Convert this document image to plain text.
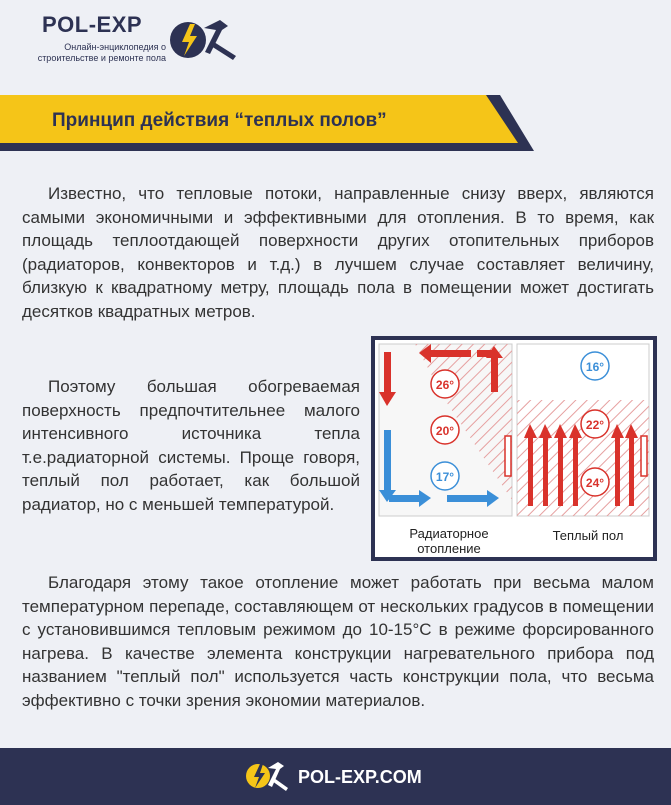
POL-EXP
Онлайн-энциклопедия о
строительстве и ремонте пола
Принцип действия “теплых полов”
Известно, что тепловые потоки, направленные снизу вверх, являются самыми экономичными и эффективными для отопления. В то время, как площадь теплоотдающей поверхности других отопительных приборов (радиаторов, конвекторов и т.д.) в лучшем случае составляет величину, близкую к квадратному метру, площадь пола в помещении может достигать десятков квадратных метров.
Поэтому большая обогреваемая поверхность предпочтительнее малого интенсивного источника тепла т.е.радиаторной системы. Проще говоря, теплый пол работает, как большой радиатор, но с меньшей температурой.
Благодаря этому такое отопление может работать при весьма малом температурном перепаде, составляющем от нескольких градусов в помещении с установившимся тепловым режимом до 10-15°C в режиме форсированного нагрева. В качестве элемента конструкции нагревательного прибора под названием "теплый пол" используется часть конструкции пола, что весьма эффективно с точки зрения экономии материалов.
26°
20°
17°
16°
22°
24°
Радиаторное
отопление
Теплый пол
POL-EXP.COM
